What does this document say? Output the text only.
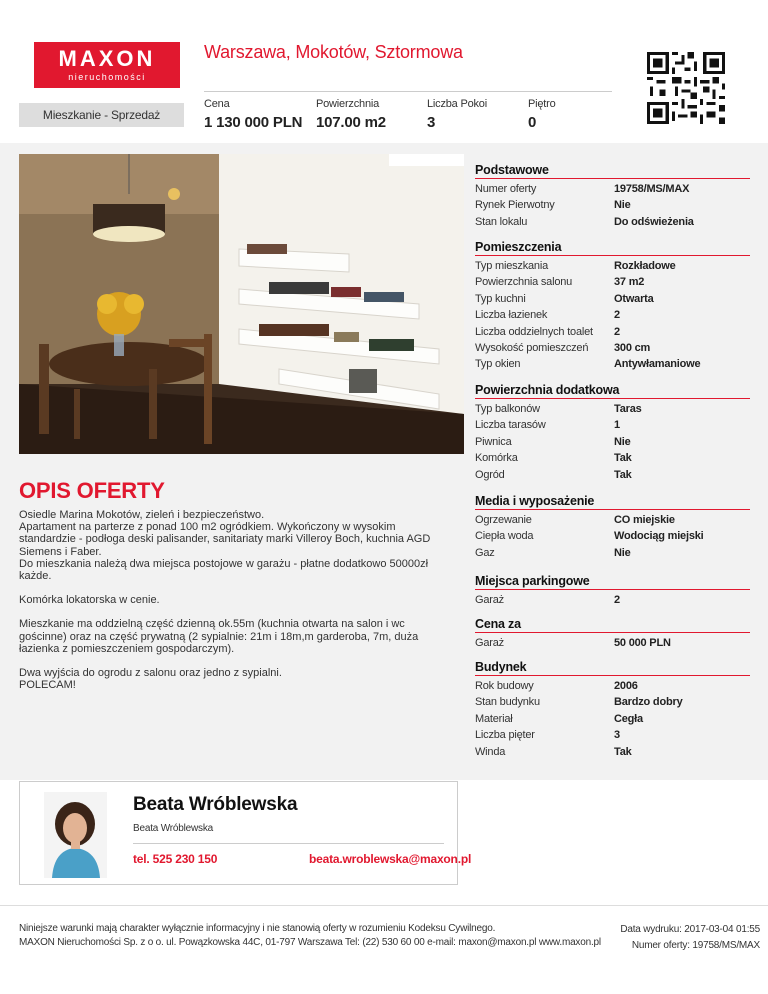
MAXON
nieruchomości
Warszawa, Mokotów, Sztormowa
Mieszkanie - Sprzedaż
Cena
1 130 000 PLN
Powierzchnia
107.00 m2
Liczba Pokoi
3
Piętro
0
OPIS OFERTY

Osiedle Marina Mokotów, zieleń i bezpieczeństwo.
Apartament na parterze z ponad 100 m2 ogródkiem. Wykończony w wysokim standardzie - podłoga deski palisander, sanitariaty marki Villeroy Boch, kuchnia AGD Siemens i Faber.
Do mieszkania należą dwa miejsca postojowe w garażu - płatne dodatkowo 50000zł każde.

Komórka lokatorska w cenie.

Mieszkanie ma oddzielną część dzienną ok.55m (kuchnia otwarta na salon i wc gościnne) oraz na część prywatną (2 sypialnie: 21m i 18m,m garderoba, 7m, duża łazienka z pomieszczeniem gospodarczym).

Dwa wyjścia do ogrodu z salonu oraz jedno z sypialni.
POLECAM!

Podstawowe
Numer oferty	19758/MS/MAX
Rynek Pierwotny	Nie
Stan lokalu	Do odświeżenia
Pomieszczenia
Typ mieszkania	Rozkładowe
Powierzchnia salonu	37 m2
Typ kuchni	Otwarta
Liczba łazienek	2
Liczba oddzielnych toalet	2
Wysokość pomieszczeń	300 cm
Typ okien	Antywłamaniowe
Powierzchnia dodatkowa
Typ balkonów	Taras
Liczba tarasów	1
Piwnica	Nie
Komórka	Tak
Ogród	Tak
Media i wyposażenie
Ogrzewanie	CO miejskie
Ciepła woda	Wodociąg miejski
Gaz	Nie
Miejsca parkingowe
Garaż	2
Cena za
Garaż	50 000 PLN
Budynek
Rok budowy	2006
Stan budynku	Bardzo dobry
Materiał	Cegła
Liczba pięter	3
Winda	Tak
Beata Wróblewska
Beata Wróblewska
tel. 525 230 150	beata.wroblewska@maxon.pl
Niniejsze warunki mają charakter wyłącznie informacyjny i nie stanowią oferty w rozumieniu Kodeksu Cywilnego.
MAXON Nieruchomości Sp. z o o. ul. Powązkowska 44C, 01-797 Warszawa Tel: (22) 530 60 00 e-mail: maxon@maxon.pl www.maxon.pl
Data wydruku: 2017-03-04 01:55
Numer oferty: 19758/MS/MAX
